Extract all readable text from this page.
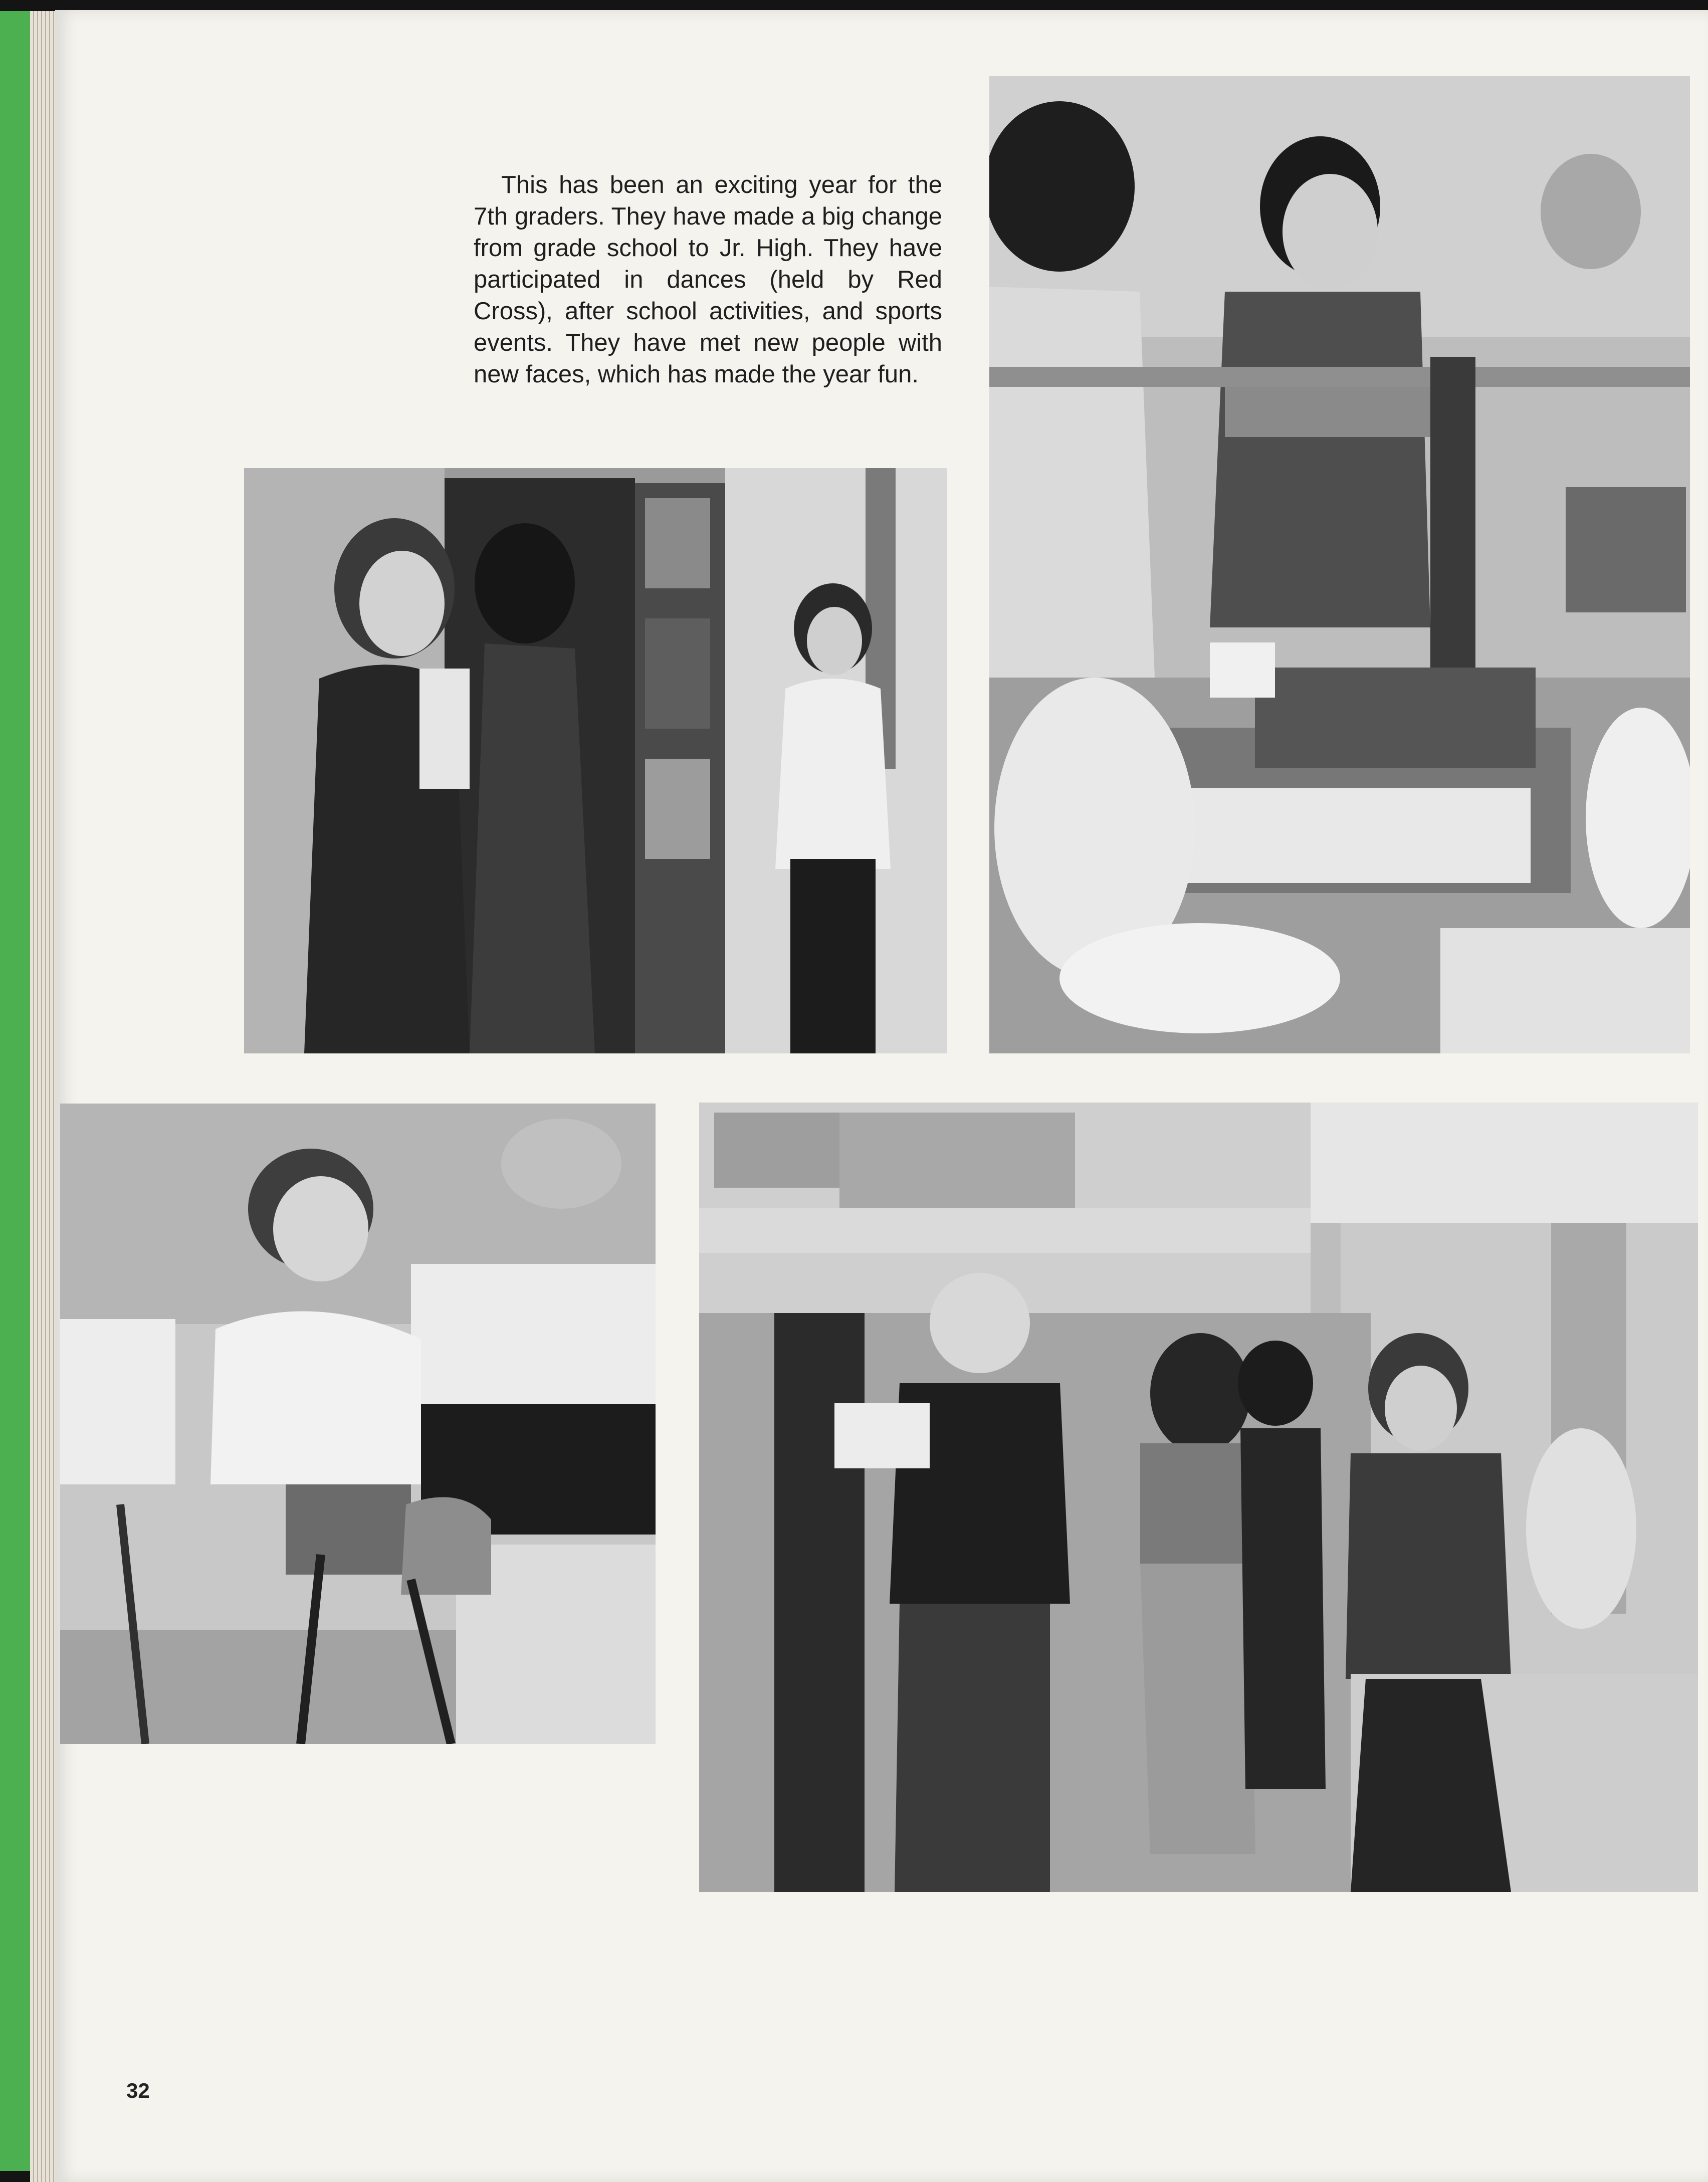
This has been an exciting year for the 7th graders. They have made a big change from grade school to Jr. High. They have participated in dances (held by Red Cross), after school activities, and sports events. They have met new people with new faces, which has made the year fun.

32
